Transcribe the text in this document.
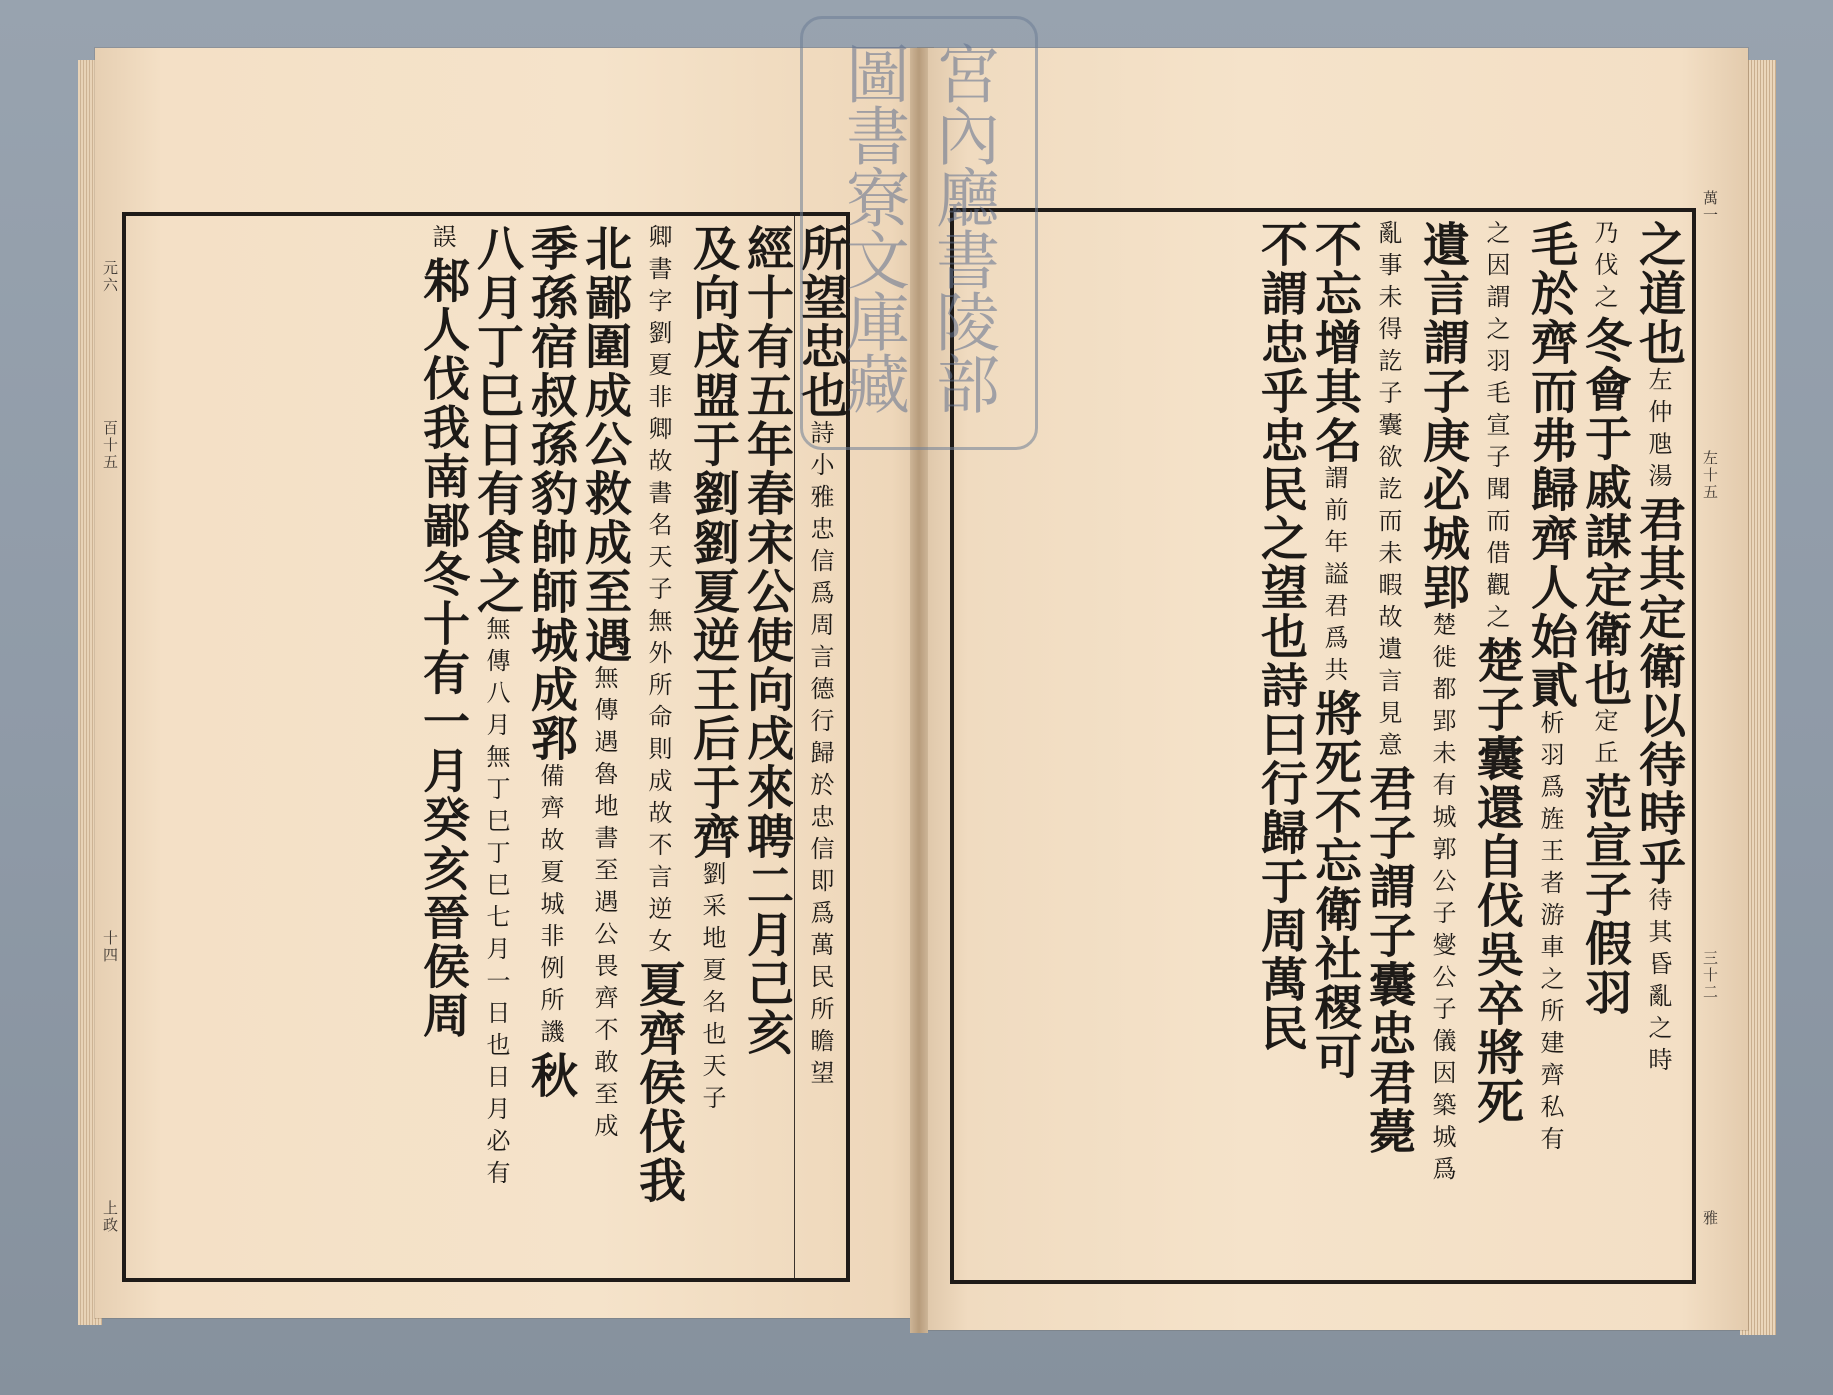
所望忠也詩小雅忠信爲周言德行歸於忠信即爲萬民所瞻望
經十有五年春宋公使向戌來聘二月己亥
及向戌盟于劉劉夏逆王后于齊劉采地夏名也天子
卿書字劉夏非卿故書名天子無外所命則成故不言逆女夏齊侯伐我
北鄙圍成公救成至遇無傳遇魯地書至遇公畏齊不敢至成
季孫宿叔孫豹帥師城成郛備齊故夏城非例所譏秋
八月丁巳日有食之無傳八月無丁巳丁巳七月一日也日月必有
誤邾人伐我南鄙冬十有一月癸亥晉侯周
元六
百十五
十四
上政
之道也左仲虺湯君其定衛以待時乎待其昏亂之時
乃伐之冬會于戚謀定衛也定丘范宣子假羽
毛於齊而弗歸齊人始貳析羽爲旌王者游車之所建齊私有
之因謂之羽毛宣子聞而借觀之楚子囊還自伐吳卒將死
遺言謂子庚必城郢楚徙都郢未有城郭公子燮公子儀因築城爲
亂事未得訖子囊欲訖而未暇故遺言見意君子謂子囊忠君薨
不忘增其名謂前年謚君爲共將死不忘衛社稷可
不謂忠乎忠民之望也詩曰行歸于周萬民
萬一
左十五
三十二
雅
宮內廳書陵部
圖書寮文庫藏
